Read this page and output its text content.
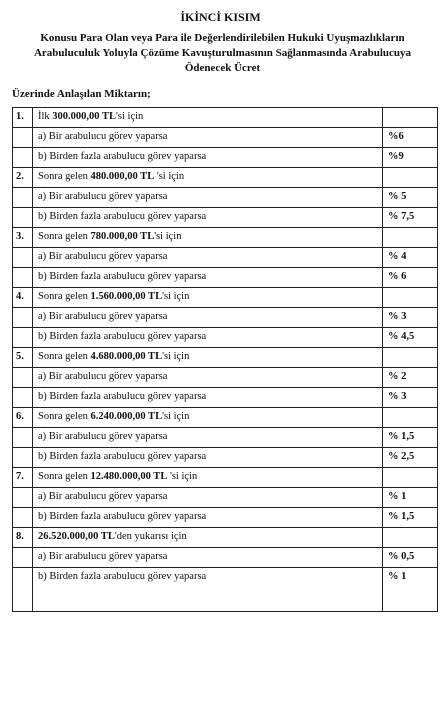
İKİNCİ KISIM
Konusu Para Olan veya Para ile Değerlendirilebilen Hukuki Uyuşmazlıkların Arabuluculuk Yoluyla Çözüme Kavuşturulmasının Sağlanmasında Arabulucuya Ödenecek Ücret
Üzerinde Anlaşılan Miktarın;
1.	İlk 300.000,00 TL'si için	
	a) Bir arabulucu görev yaparsa	%6
	b) Birden fazla arabulucu görev yaparsa	%9
2.	Sonra gelen 480.000,00 TL 'si için	
	a) Bir arabulucu görev yaparsa	% 5
	b) Birden fazla arabulucu görev yaparsa	% 7,5
3.	Sonra gelen 780.000,00 TL'si için	
	a) Bir arabulucu görev yaparsa	% 4
	b) Birden fazla arabulucu görev yaparsa	% 6
4.	Sonra gelen 1.560.000,00 TL'si için	
	a) Bir arabulucu görev yaparsa	% 3
	b) Birden fazla arabulucu görev yaparsa	% 4,5
5.	Sonra gelen 4.680.000,00 TL'si için	
	a) Bir arabulucu görev yaparsa	% 2
	b) Birden fazla arabulucu görev yaparsa	% 3
6.	Sonra gelen 6.240.000,00 TL'si için	
	a) Bir arabulucu görev yaparsa	% 1,5
	b) Birden fazla arabulucu görev yaparsa	% 2,5
7.	Sonra gelen 12.480.000,00 TL 'si için	
	a) Bir arabulucu görev yaparsa	% 1
	b) Birden fazla arabulucu görev yaparsa	% 1,5
8.	26.520.000,00 TL'den yukarısı için	
	a) Bir arabulucu görev yaparsa	% 0,5
	b) Birden fazla arabulucu görev yaparsa	% 1
